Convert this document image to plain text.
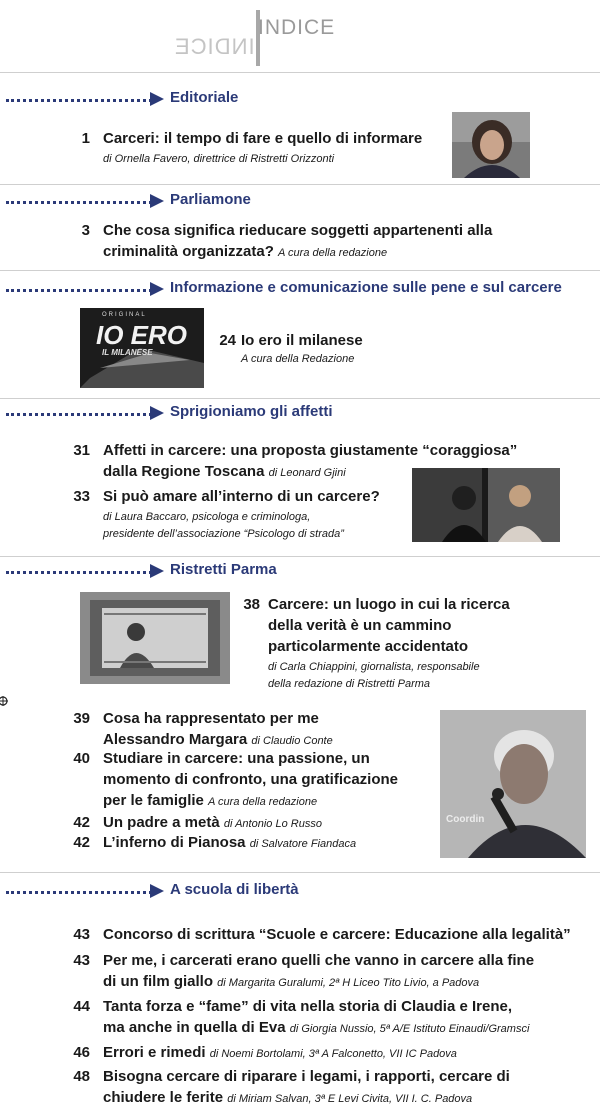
INDICE
INDICE
Editoriale
1 Carceri: il tempo di fare e quello di informare
di Ornella Favero, direttrice di Ristretti Orizzonti
Parliamone
3 Che cosa significa rieducare soggetti appartenenti alla
criminalità organizzata? A cura della redazione
Informazione e comunicazione sulle pene e sul carcere
ORIGINAL
IO ERO
IL MILANESE
24 Io ero il milanese
A cura della Redazione
Sprigioniamo gli affetti
31 Affetti in carcere: una proposta giustamente “coraggiosa”
dalla Regione Toscana di Leonard Gjini
33 Si può amare all’interno di un carcere?
di Laura Baccaro, psicologa e criminologa,
presidente dell’associazione “Psicologo di strada”
Ristretti Parma
38 Carcere: un luogo in cui la ricerca
della verità è un cammino
particolarmente accidentato
di Carla Chiappini, giornalista, responsabile
della redazione di Ristretti Parma
39 Cosa ha rappresentato per me
Alessandro Margara di Claudio Conte
40 Studiare in carcere: una passione, un
momento di confronto, una gratificazione
per le famiglie A cura della redazione
42 Un padre a metà di Antonio Lo Russo
42 L’inferno di Pianosa di Salvatore Fiandaca
Coordin
A scuola di libertà
43 Concorso di scrittura “Scuole e carcere: Educazione alla legalità”
43 Per me, i carcerati erano quelli che vanno in carcere alla fine
di un film giallo di Margarita Guralumi, 2ª H Liceo Tito Livio, a Padova
44 Tanta forza e “fame” di vita nella storia di Claudia e Irene,
ma anche in quella di Eva di Giorgia Nussio, 5ª A/E Istituto Einaudi/Gramsci
46 Errori e rimedi di Noemi Bortolami, 3ª A Falconetto, VII IC Padova
48 Bisogna cercare di riparare i legami, i rapporti, cercare di
chiudere le ferite di Miriam Salvan, 3ª E Levi Civita, VII I. C. Padova
